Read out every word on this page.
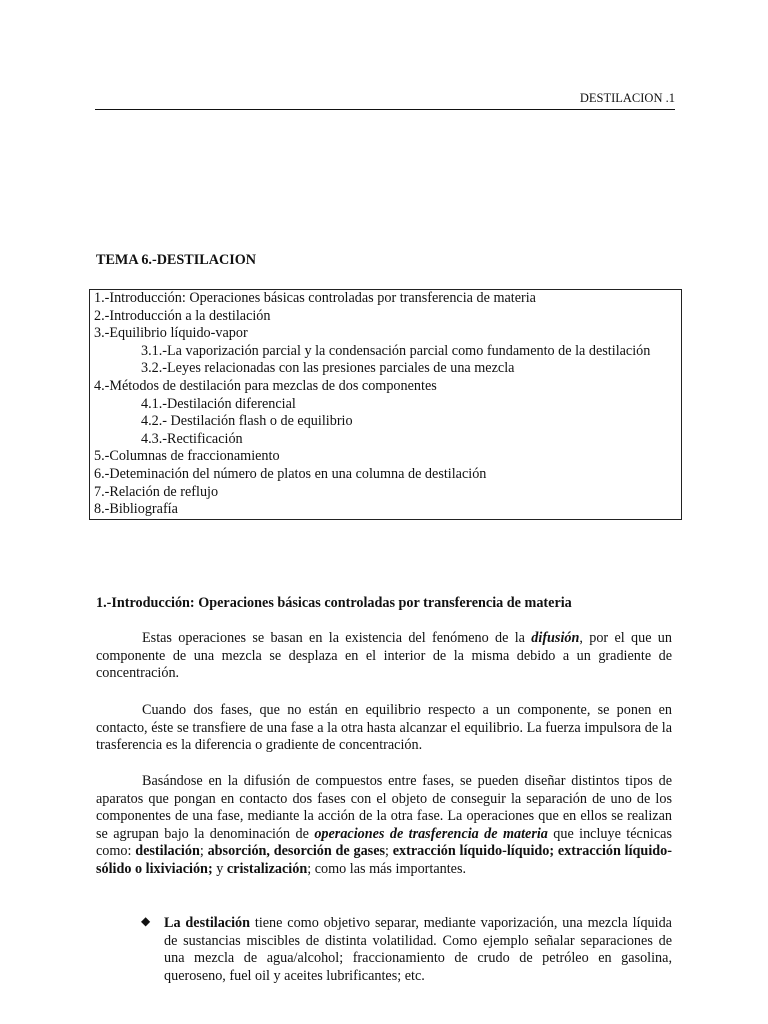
DESTILACION .1
TEMA 6.-DESTILACION
1.-Introducción: Operaciones básicas controladas por transferencia de materia
2.-Introducción a la destilación
3.-Equilibrio líquido-vapor
3.1.-La vaporización parcial y la condensación parcial como fundamento de la destilación
3.2.-Leyes relacionadas con las presiones parciales de una mezcla
4.-Métodos de destilación para mezclas de dos componentes
4.1.-Destilación diferencial
4.2.- Destilación flash o de equilibrio
4.3.-Rectificación
5.-Columnas de fraccionamiento
6.-Deteminación del número de platos en una columna de destilación
7.-Relación de reflujo
8.-Bibliografía
1.-Introducción: Operaciones básicas controladas por transferencia de materia

Estas operaciones se basan en la existencia del fenómeno de la difusión, por el que un componente de una mezcla se desplaza en el interior de la misma debido a un gradiente de concentración.

Cuando dos fases, que no están en equilibrio respecto a un componente, se ponen en contacto, éste se transfiere de una fase a la otra hasta alcanzar el equilibrio. La fuerza impulsora de la trasferencia es la diferencia o gradiente de concentración.

Basándose en la difusión de compuestos entre fases, se pueden diseñar distintos tipos de aparatos que pongan en contacto dos fases con el objeto de conseguir la separación de uno de los componentes de una fase, mediante la acción de la otra fase. La operaciones que en ellos se realizan se agrupan bajo la denominación de operaciones de trasferencia de materia que incluye técnicas como: destilación; absorción, desorción de gases; extracción líquido-líquido; extracción líquido-sólido o lixiviación; y cristalización; como las más importantes.

◆ La destilación tiene como objetivo separar, mediante vaporización, una mezcla líquida de sustancias miscibles de distinta volatilidad. Como ejemplo señalar separaciones de una mezcla de agua/alcohol; fraccionamiento de crudo de petróleo en gasolina, queroseno, fuel oil y aceites lubrificantes; etc.
